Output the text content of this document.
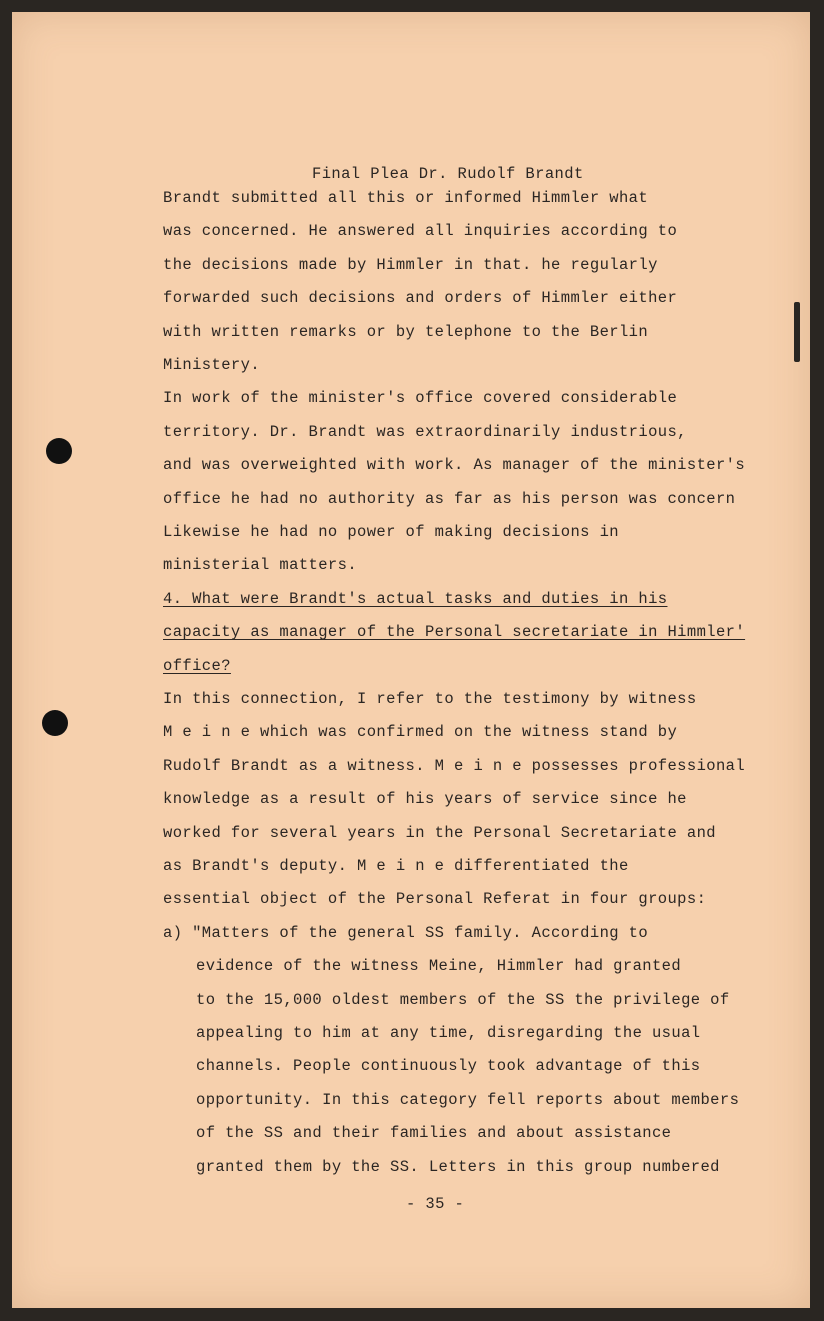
Final Plea Dr. Rudolf Brandt
Brandt submitted all this or informed Himmler what
was concerned. He answered all inquiries according to
the decisions made by Himmler in that. he regularly
forwarded such decisions and orders of Himmler either
with written remarks or by telephone to the Berlin
Ministery.
In work of the minister's office covered considerable
territory. Dr. Brandt was extraordinarily industrious,
and was overweighted with work. As manager of the minister's
office he had no authority as far as his person was concern
Likewise he had no power of making decisions in
ministerial matters.
4. What were Brandt's actual tasks and duties in his
capacity as manager of the Personal secretariate in Himmler'
office?
In this connection, I refer to the testimony by witness
M e i n e which was confirmed on the witness stand by
Rudolf Brandt as a witness. M e i n e possesses professional
knowledge as a result of his years of service since he
worked for several years in the Personal Secretariate and
as Brandt's deputy. M e i n e differentiated the
essential object of the Personal Referat in four groups:
a) "Matters of the general SS family. According to
evidence of the witness Meine, Himmler had granted
to the 15,000 oldest members of the SS the privilege of
appealing to him at any time, disregarding the usual
channels. People continuously took advantage of this
opportunity. In this category fell reports about members
of the SS and their families and about assistance
granted them by the SS. Letters in this group numbered
- 35 -
